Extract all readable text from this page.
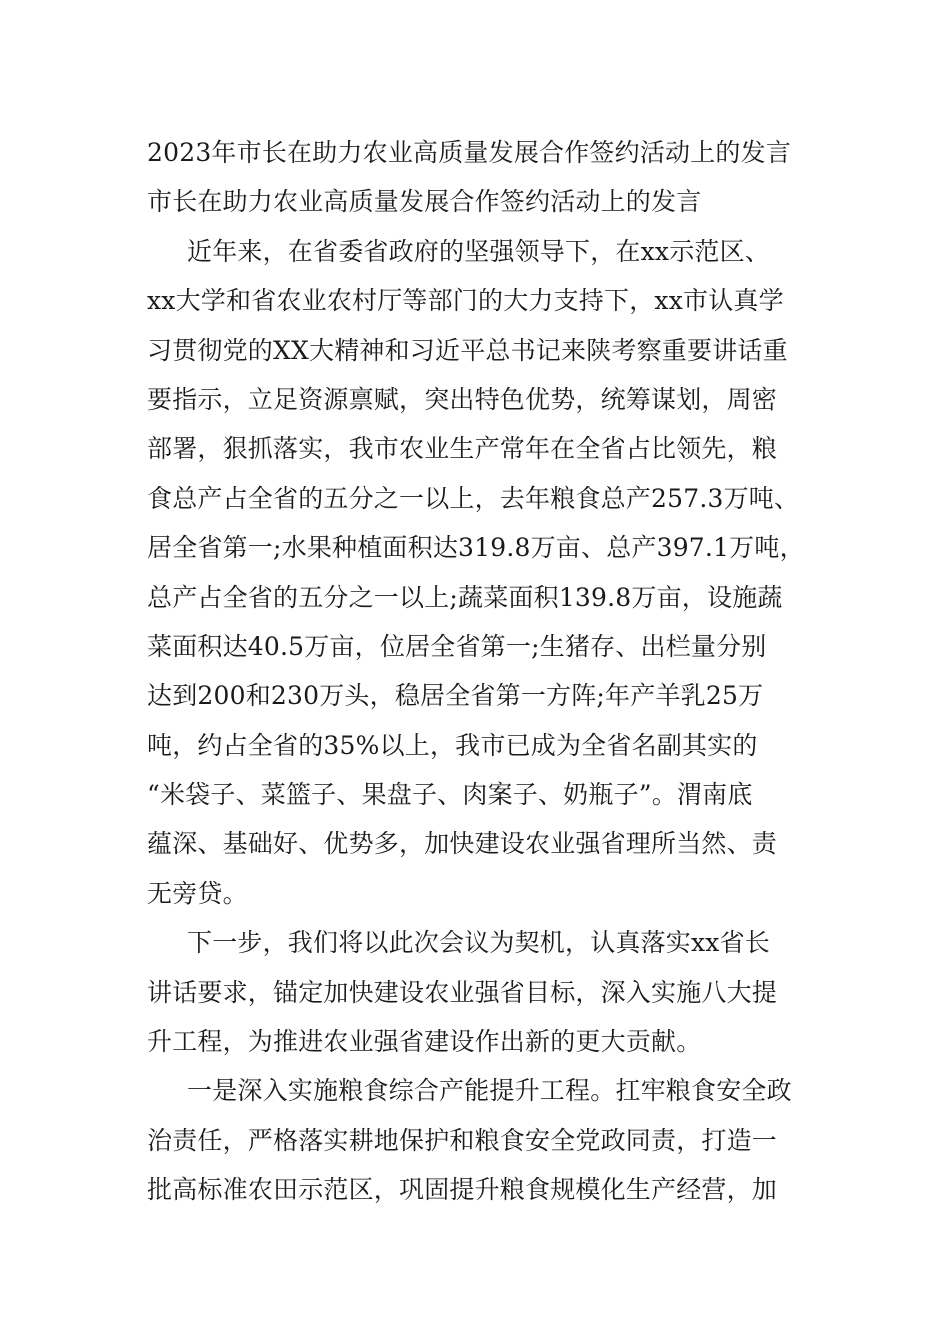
2023年市长在助力农业高质量发展合作签约活动上的发言
市长在助力农业高质量发展合作签约活动上的发言
近年来，在省委省政府的坚强领导下，在xx示范区、
xx大学和省农业农村厅等部门的大力支持下，xx市认真学
习贯彻党的XX大精神和习近平总书记来陕考察重要讲话重
要指示，立足资源禀赋，突出特色优势，统筹谋划，周密
部署，狠抓落实，我市农业生产常年在全省占比领先，粮
食总产占全省的五分之一以上，去年粮食总产257.3万吨、
居全省第一;水果种植面积达319.8万亩、总产397.1万吨，
总产占全省的五分之一以上;蔬菜面积139.8万亩，设施蔬
菜面积达40.5万亩，位居全省第一;生猪存、出栏量分别
达到200和230万头，稳居全省第一方阵;年产羊乳25万
吨，约占全省的35%以上，我市已成为全省名副其实的
“米袋子、菜篮子、果盘子、肉案子、奶瓶子”。渭南底
蕴深、基础好、优势多，加快建设农业强省理所当然、责
无旁贷。
下一步，我们将以此次会议为契机，认真落实xx省长
讲话要求，锚定加快建设农业强省目标，深入实施八大提
升工程，为推进农业强省建设作出新的更大贡献。
一是深入实施粮食综合产能提升工程。扛牢粮食安全政
治责任，严格落实耕地保护和粮食安全党政同责，打造一
批高标准农田示范区，巩固提升粮食规模化生产经营，加
